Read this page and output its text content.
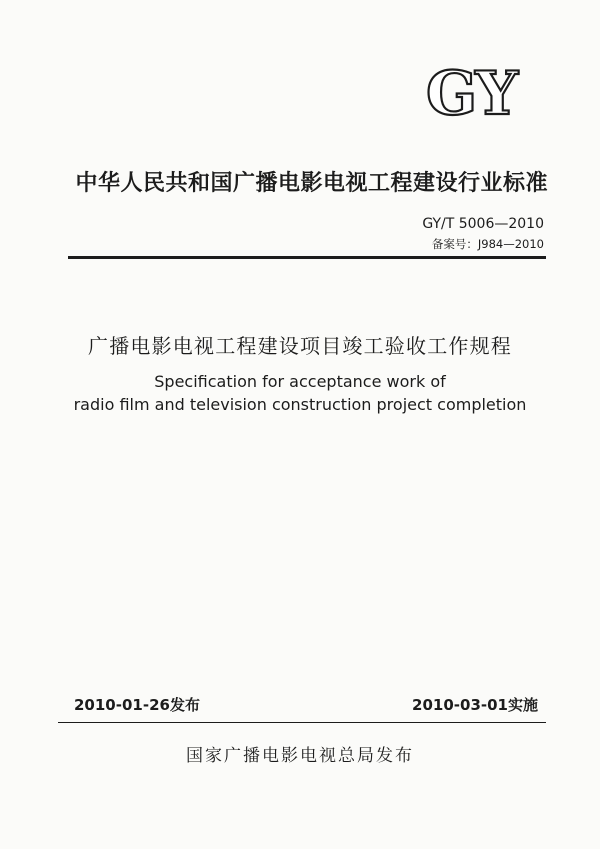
GY
中华人民共和国广播电影电视工程建设行业标准
GY/T 5006—2010
备案号：J984—2010
广播电影电视工程建设项目竣工验收工作规程
Specification for acceptance work of
radio film and television construction project completion
2010-01-26发布	2010-03-01实施
国家广播电影电视总局发布
